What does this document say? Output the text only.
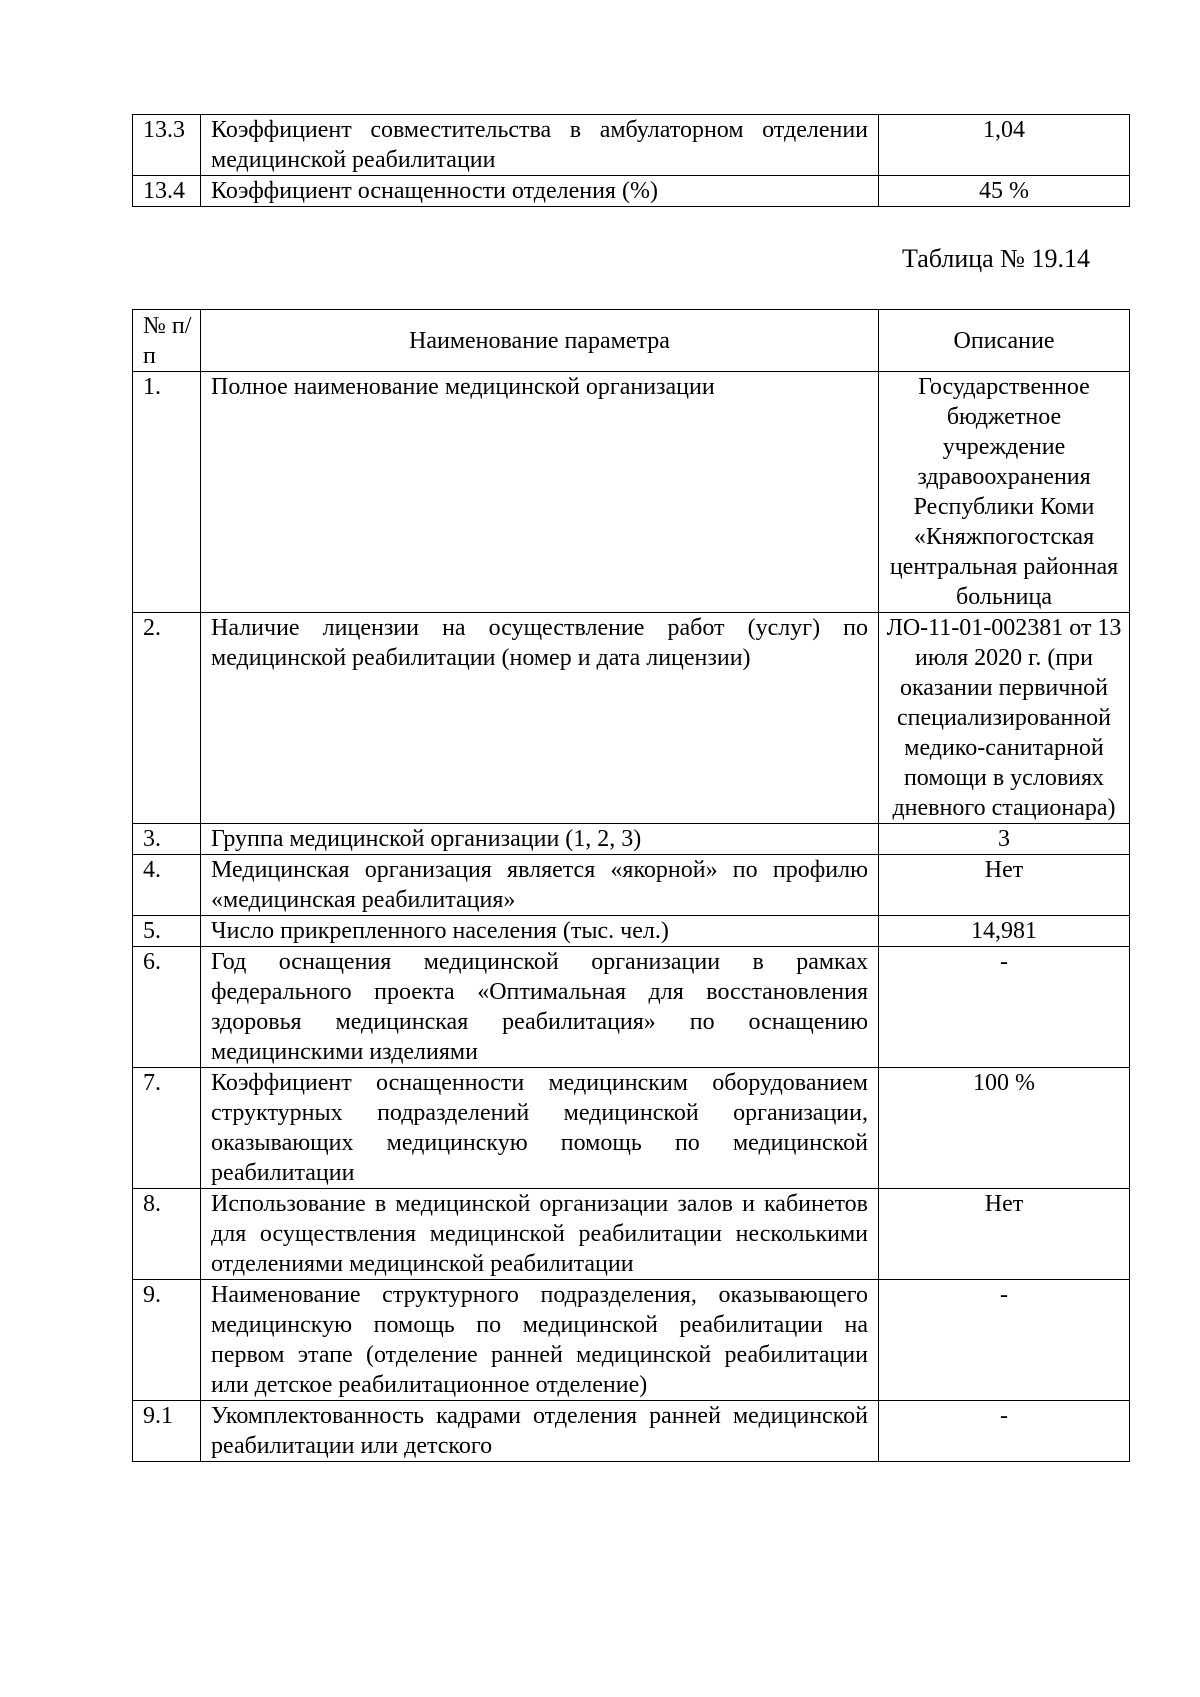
13.3	Коэффициент совместительства в амбулаторном отделении медицинской реабилитации	1,04
13.4	Коэффициент оснащенности отделения (%)	45 %
Таблица № 19.14
№ п/п	Наименование параметра	Описание
1.	Полное наименование медицинской организации	Государственное бюджетное учреждение здравоохранения Республики Коми «Княжпогостская центральная районная больница
2.	Наличие лицензии на осуществление работ (услуг) по медицинской реабилитации (номер и дата лицензии)	ЛО-11-01-002381 от 13 июля 2020 г. (при оказании первичной специализированной медико-санитарной помощи в условиях дневного стационара)
3.	Группа медицинской организации (1, 2, 3)	3
4.	Медицинская организация является «якорной» по профилю «медицинская реабилитация»	Нет
5.	Число прикрепленного населения (тыс. чел.)	14,981
6.	Год оснащения медицинской организации в рамках федерального проекта «Оптимальная для восстановления здоровья медицинская реабилитация» по оснащению медицинскими изделиями	-
7.	Коэффициент оснащенности медицинским оборудованием структурных подразделений медицинской организации, оказывающих медицинскую помощь по медицинской реабилитации	100 %
8.	Использование в медицинской организации залов и кабинетов для осуществления медицинской реабилитации несколькими отделениями медицинской реабилитации	Нет
9.	Наименование структурного подразделения, оказывающего медицинскую помощь по медицинской реабилитации на первом этапе (отделение ранней медицинской реабилитации или детское реабилитационное отделение)	-
9.1	Укомплектованность кадрами отделения ранней медицинской реабилитации или детского	-
